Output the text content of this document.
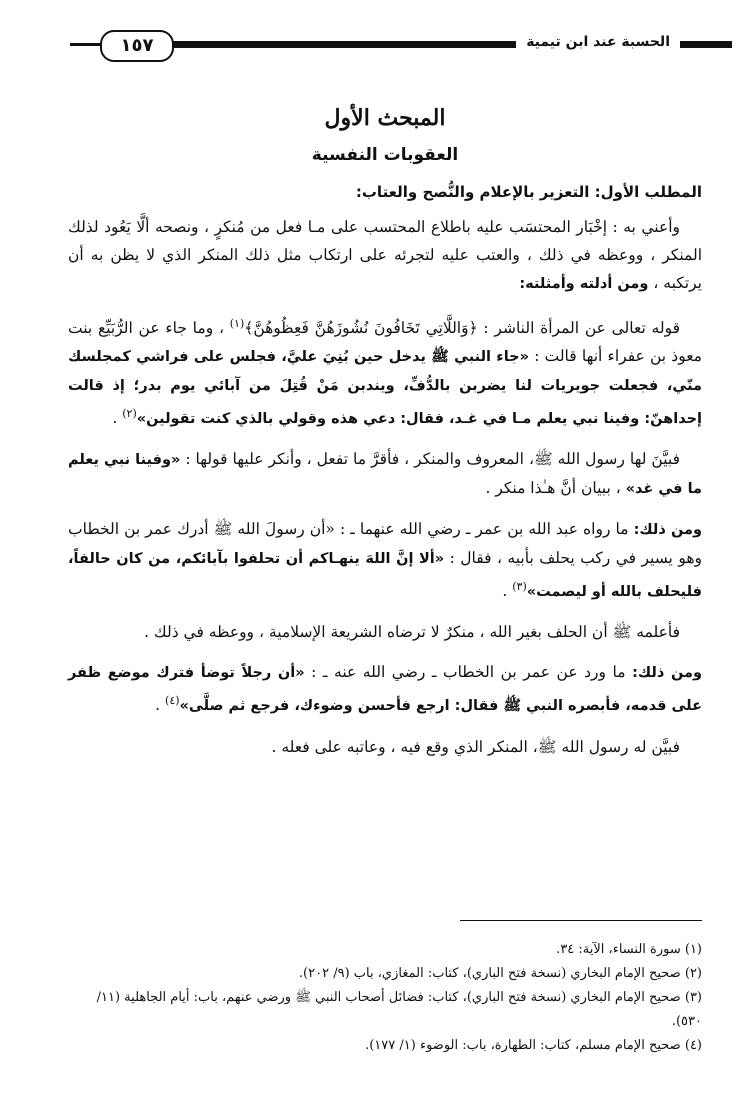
الحسبة عند ابن تيمية
١٥٧
المبحث الأول
العقوبات النفسية
المطلب الأول: التعزير بالإعلام والنُّصح والعتاب:

وأعني به : إخْبَار المحتسَب عليه باطلاع المحتسب على مـا فعل من مُنكرٍ ، ونصحه ألَّا يَعُود لذلك المنكر ، ووعظه في ذلك ، والعتب عليه لتجرئه على ارتكاب مثل ذلك المنكر الذي لا يظن به أن يرتكبه ، ومن أدلته وأمثلته:

قوله تعالى عن المرأة الناشر : ﴿وَاللَّاتِي تَخَافُونَ نُشُوزَهُنَّ فَعِظُوهُنَّ﴾$^{(١)}$ ، وما جاء عن الرُّبَيِّع بنت معوذ بن عفراء أنها قالت : «جاء النبي ﷺ يدخل حين بُنِيَ عليَّ، فجلس على فراشي كمجلسك منّي، فجعلت جويريات لنا يضربن بالدُّفِّ، ويندبن مَنْ قُتِلَ من آبائي يوم بدر؛ إذ قالت إحداهنّ: وفينا نبي يعلم مـا في غـد، فقال: دعي هذه وقولي بالذي كنت تقولين»$^{(٢)}$ .

فبيَّنَ لها رسول الله ﷺ، المعروف والمنكر ، فأقرَّ ما تفعل ، وأنكر عليها قولها : «وفينا نبي يعلم ما في غد» ، ببيان أنَّ هـٰذا منكر .

ومن ذلك: ما رواه عبد الله بن عمر ـ رضي الله عنهما ـ : «أن رسولَ الله ﷺ أدرك عمر بن الخطاب وهو يسير في ركب يحلف بأبيه ، فقال : «ألا إنَّ اللهَ ينهـاكم أن تحلفوا بآبائكم، من كان حالفاً، فليحلف بالله أو ليصمت»$^{(٣)}$ .

فأعلمه ﷺ أن الحلف بغير الله ، منكرٌ لا ترضاه الشريعة الإسلامية ، ووعظه في ذلك .

ومن ذلك: ما ورد عن عمر بن الخطاب ـ رضي الله عنه ـ : «أن رجلاً توضأ فترك موضع ظفر على قدمه، فأبصره النبي ﷺ فقال: ارجع فأحسن وضوءك، فرجع ثم صلَّى»$^{(٤)}$ .

فبيَّن له رسول الله ﷺ، المنكر الذي وقع فيه ، وعاتبه على فعله .

(١) سورة النساء، الآية: ٣٤.
(٢) صحيح الإمام البخاري (نسخة فتح الباري)، كتاب: المغازي، باب (٩/ ٢٠٢).
(٣) صحيح الإمام البخاري (نسخة فتح الباري)، كتاب: فضائل أصحاب النبي ﷺ ورضي عنهم، باب: أيام الجاهلية (١١/ ٥٣٠).
(٤) صحيح الإمام مسلم، كتاب: الطهارة، باب: الوضوء (١/ ١٧٧).
